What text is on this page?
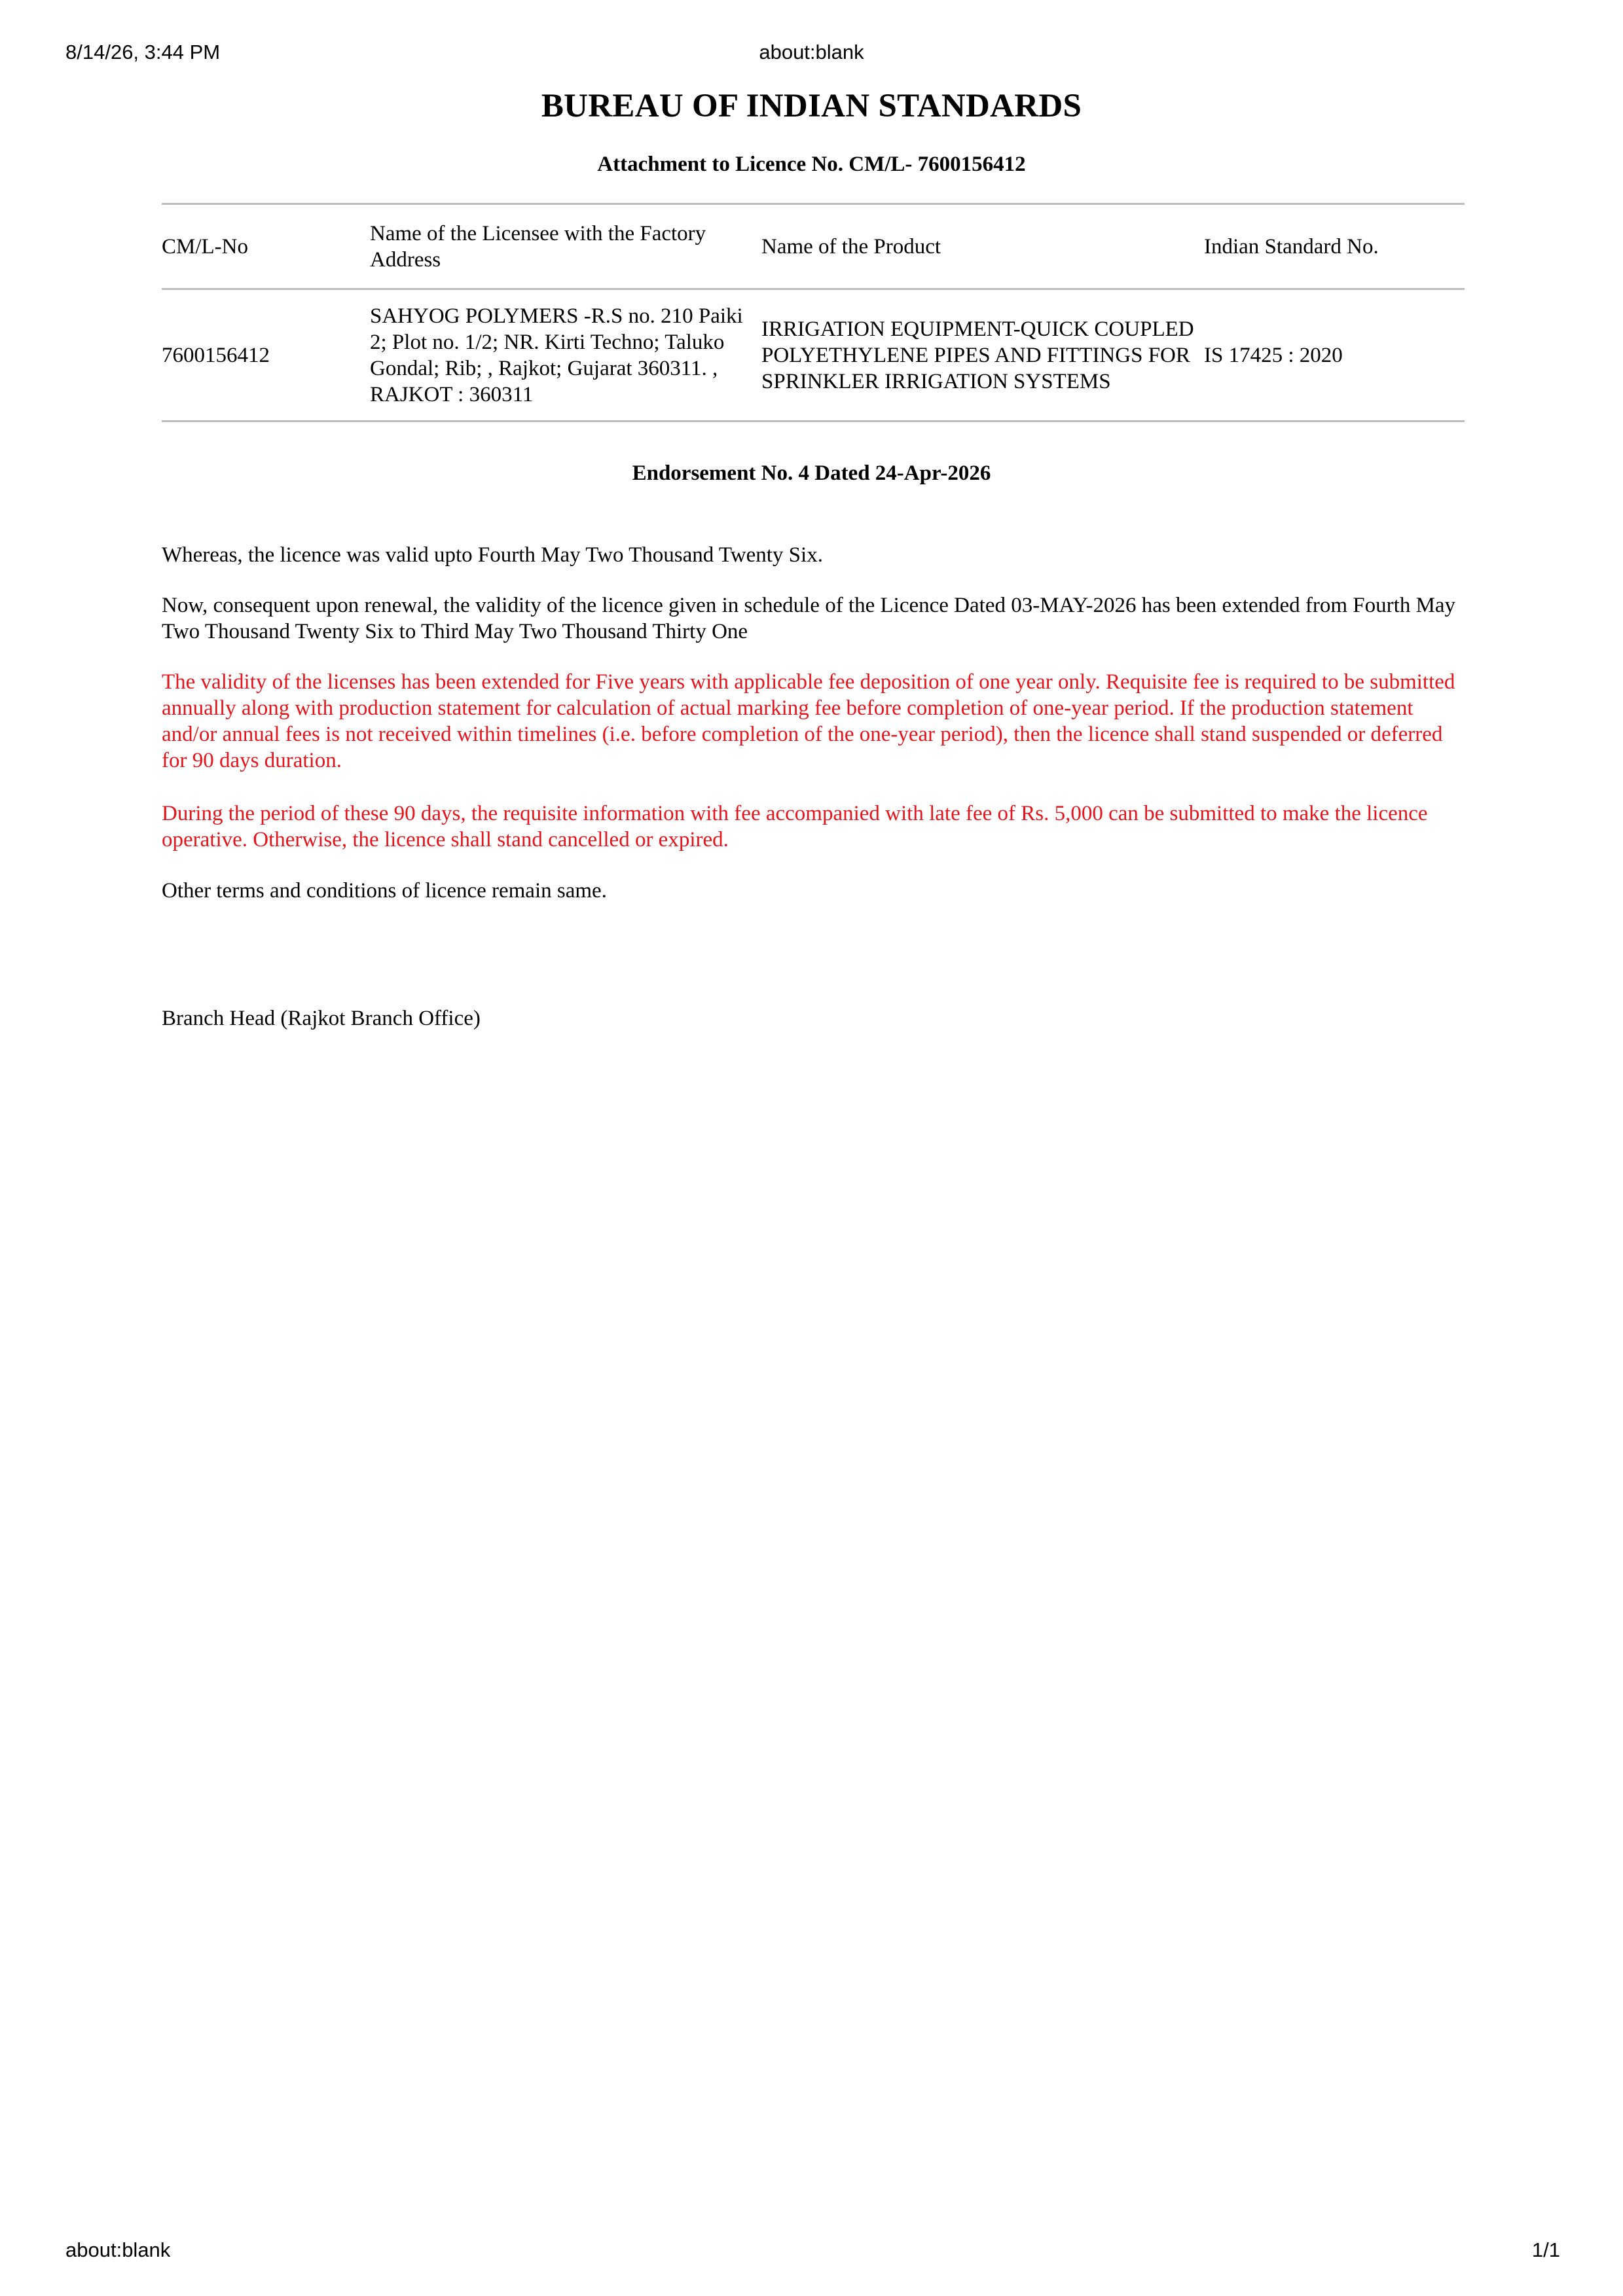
8/14/26, 3:44 PM	about:blank
BUREAU OF INDIAN STANDARDS
Attachment to Licence No. CM/L- 7600156412
CM/L-No	Name of the Licensee with the Factory Address	Name of the Product	Indian Standard No.

7600156412	SAHYOG POLYMERS -R.S no. 210 Paiki 2; Plot no. 1/2; NR. Kirti Techno; Taluko Gondal; Rib; , Rajkot; Gujarat 360311. , RAJKOT : 360311	IRRIGATION EQUIPMENT-QUICK COUPLED POLYETHYLENE PIPES AND FITTINGS FOR SPRINKLER IRRIGATION SYSTEMS	IS 17425 : 2020
Endorsement No. 4 Dated 24-Apr-2026

Whereas, the licence was valid upto Fourth May Two Thousand Twenty Six.

Now, consequent upon renewal, the validity of the licence given in schedule of the Licence Dated 03-MAY-2026 has been extended from Fourth May Two Thousand Twenty Six to Third May Two Thousand Thirty One

The validity of the licenses has been extended for Five years with applicable fee deposition of one year only. Requisite fee is required to be submitted annually along with production statement for calculation of actual marking fee before completion of one-year period. If the production statement and/or annual fees is not received within timelines (i.e. before completion of the one-year period), then the licence shall stand suspended or deferred for 90 days duration.

During the period of these 90 days, the requisite information with fee accompanied with late fee of Rs. 5,000 can be submitted to make the licence operative. Otherwise, the licence shall stand cancelled or expired.

Other terms and conditions of licence remain same.

Branch Head (Rajkot Branch Office)

about:blank	1/1
